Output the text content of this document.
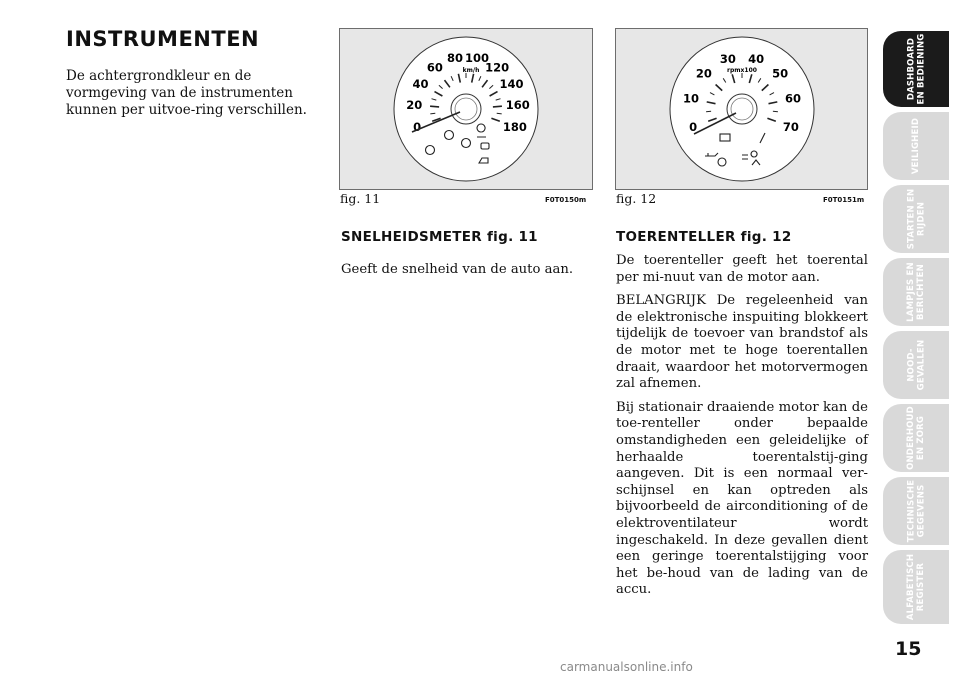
INSTRUMENTEN
De achtergrondkleur en de vormgeving van de instrumenten kunnen per uitvoe-ring verschillen.
0
20
40
60
80 100
120
140
160
180
km/h
fig. 11	F0T0150m
0
10
20
30 40
50
60
70
rpmx100
fig. 12	F0T0151m
SNELHEIDSMETER fig. 11
Geeft de snelheid van de auto aan.
TOERENTELLER fig. 12

De toerenteller geeft het toerental per mi-nuut van de motor aan.

BELANGRIJK De regeleenheid van de elektronische inspuiting blokkeert tijdelijk de toevoer van brandstof als de motor met te hoge toerentallen draait, waardoor het motorvermogen zal afnemen.

Bij stationair draaiende motor kan de toe-renteller onder bepaalde omstandigheden een geleidelijke of herhaalde toerentalstij-ging aangeven. Dit is een normaal ver-schijnsel en kan optreden als bijvoorbeeld de airconditioning of de elektroventilateur wordt ingeschakeld. In deze gevallen dient een geringe toerentalstijging voor het be-houd van de lading van de accu.

DASHBOARD
EN BEDIENING
VEILIGHEID
STARTEN EN
RIJDEN
LAMPJES EN
BERICHTEN
NOOD-
GEVALLEN
ONDERHOUD
EN ZORG
TECHNISCHE
GEGEVENS
ALFABETISCH
REGISTER
15
carmanualsonline.info
